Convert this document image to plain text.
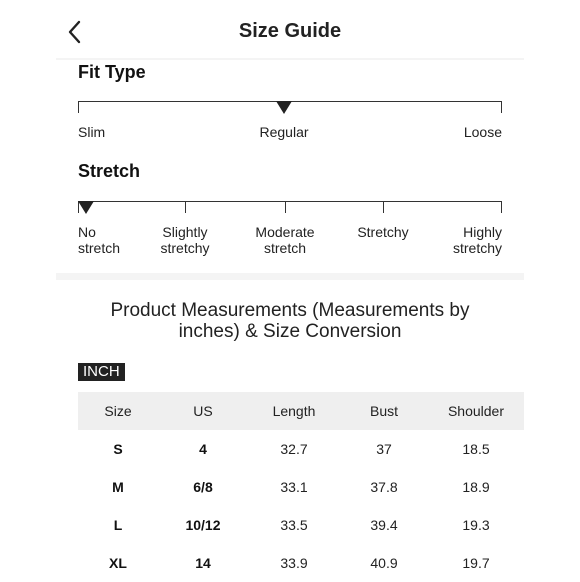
Size Guide
Fit Type
Slim	Regular	Loose
Stretch
No
stretch
Slightly
stretchy
Moderate
stretch
Stretchy	Highly
stretchy
Product Measurements (Measurements by
inches) & Size Conversion
INCH
Size	US	Length	Bust	Shoulder
S	4	32.7	37	18.5
M	6/8	33.1	37.8	18.9
L	10/12	33.5	39.4	19.3
XL	14	33.9	40.9	19.7
